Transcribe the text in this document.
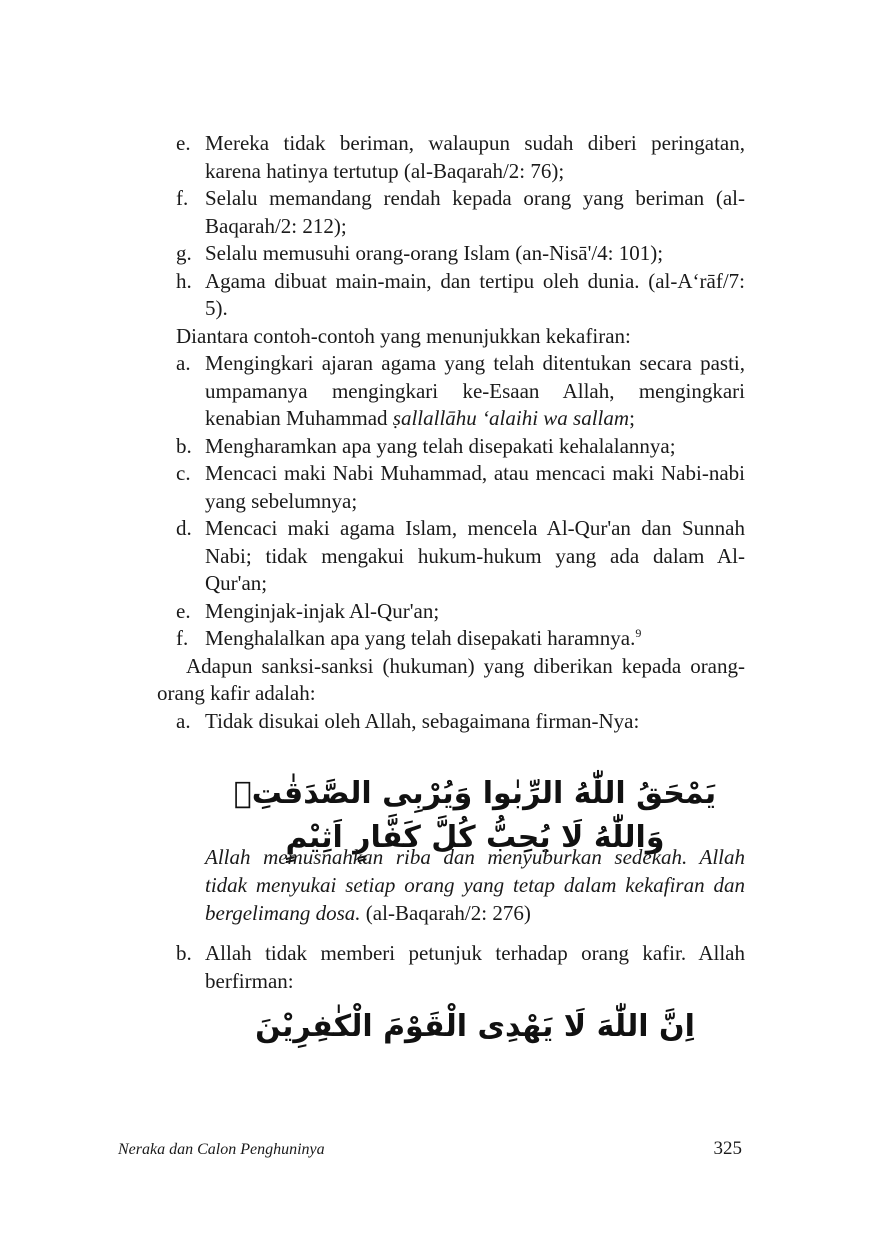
e. Mereka tidak beriman, walaupun sudah diberi peringatan, karena hatinya tertutup (al-Baqarah/2: 76);
f. Selalu memandang rendah kepada orang yang beriman (al-Baqarah/2: 212);
g. Selalu memusuhi orang-orang Islam (an-Nisā'/4: 101);
h. Agama dibuat main-main, dan tertipu oleh dunia. (al-A‘rāf/7: 5).
Diantara contoh-contoh yang menunjukkan kekafiran:
a. Mengingkari ajaran agama yang telah ditentukan secara pasti, umpamanya mengingkari ke-Esaan Allah, mengingkari kenabian Muhammad ṣallallāhu ‘alaihi wa sallam;
b. Mengharamkan apa yang telah disepakati kehalalannya;
c. Mencaci maki Nabi Muhammad, atau mencaci maki Nabi-nabi yang sebelumnya;
d. Mencaci maki agama Islam, mencela Al-Qur'an dan Sunnah Nabi; tidak mengakui hukum-hukum yang ada dalam Al-Qur'an;
e. Menginjak-injak Al-Qur'an;
f. Menghalalkan apa yang telah disepakati haramnya.$^9$
Adapun sanksi-sanksi (hukuman) yang diberikan kepada orang-orang kafir adalah:
a. Tidak disukai oleh Allah, sebagaimana firman-Nya:
يَمْحَقُ اللّٰهُ الرِّبٰوا وَيُرْبِى الصَّدَقٰتِۗ وَاللّٰهُ لَا يُحِبُّ كُلَّ كَفَّارٍ اَثِيْمٍ
Allah memusnahkan riba dan menyuburkan sedekah. Allah tidak menyukai setiap orang yang tetap dalam kekafiran dan bergelimang dosa. (al-Baqarah/2: 276)
b. Allah tidak memberi petunjuk terhadap orang kafir. Allah berfirman:
اِنَّ اللّٰهَ لَا يَهْدِى الْقَوْمَ الْكٰفِرِيْنَ
Neraka dan Calon Penghuninya	325
